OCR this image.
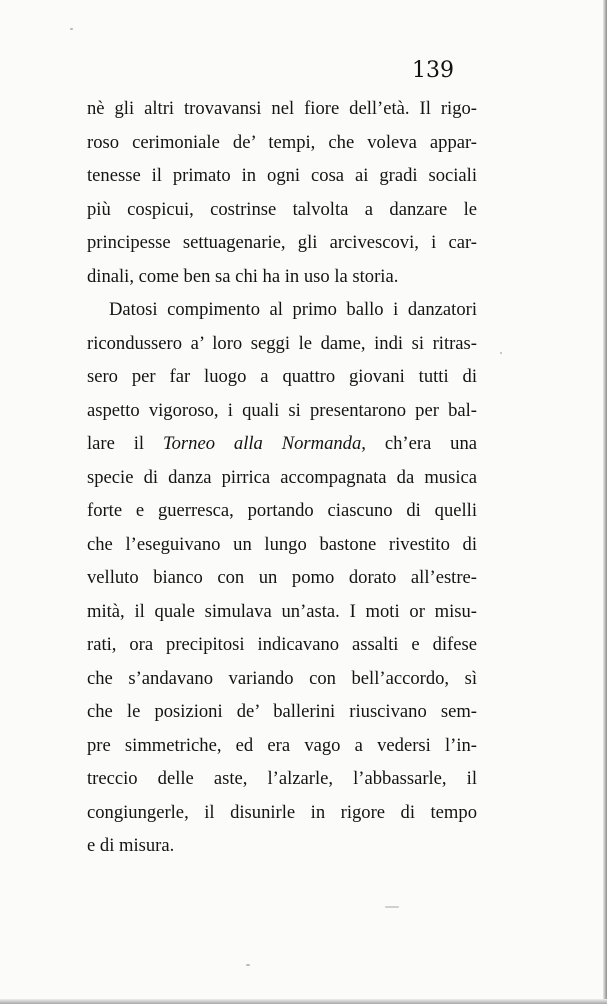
139

nè gli altri trovavansi nel fiore dell’età. Il rigo-
roso cerimoniale de’ tempi, che voleva appar-
tenesse il primato in ogni cosa ai gradi sociali
più cospicui, costrinse talvolta a danzare le
principesse settuagenarie, gli arcivescovi, i car-
dinali, come ben sa chi ha in uso la storia.
Datosi compimento al primo ballo i danzatori
ricondussero a’ loro seggi le dame, indi si ritras-
sero per far luogo a quattro giovani tutti di
aspetto vigoroso, i quali si presentarono per bal-
lare il Torneo alla Normanda, ch’era una
specie di danza pirrica accompagnata da musica
forte e guerresca, portando ciascuno di quelli
che l’eseguivano un lungo bastone rivestito di
velluto bianco con un pomo dorato all’estre-
mità, il quale simulava un’asta. I moti or misu-
rati, ora precipitosi indicavano assalti e difese
che s’andavano variando con bell’accordo, sì
che le posizioni de’ ballerini riuscivano sem-
pre simmetriche, ed era vago a vedersi l’in-
treccio delle aste, l’alzarle, l’abbassarle, il
congiungerle, il disunirle in rigore di tempo
e di misura.
